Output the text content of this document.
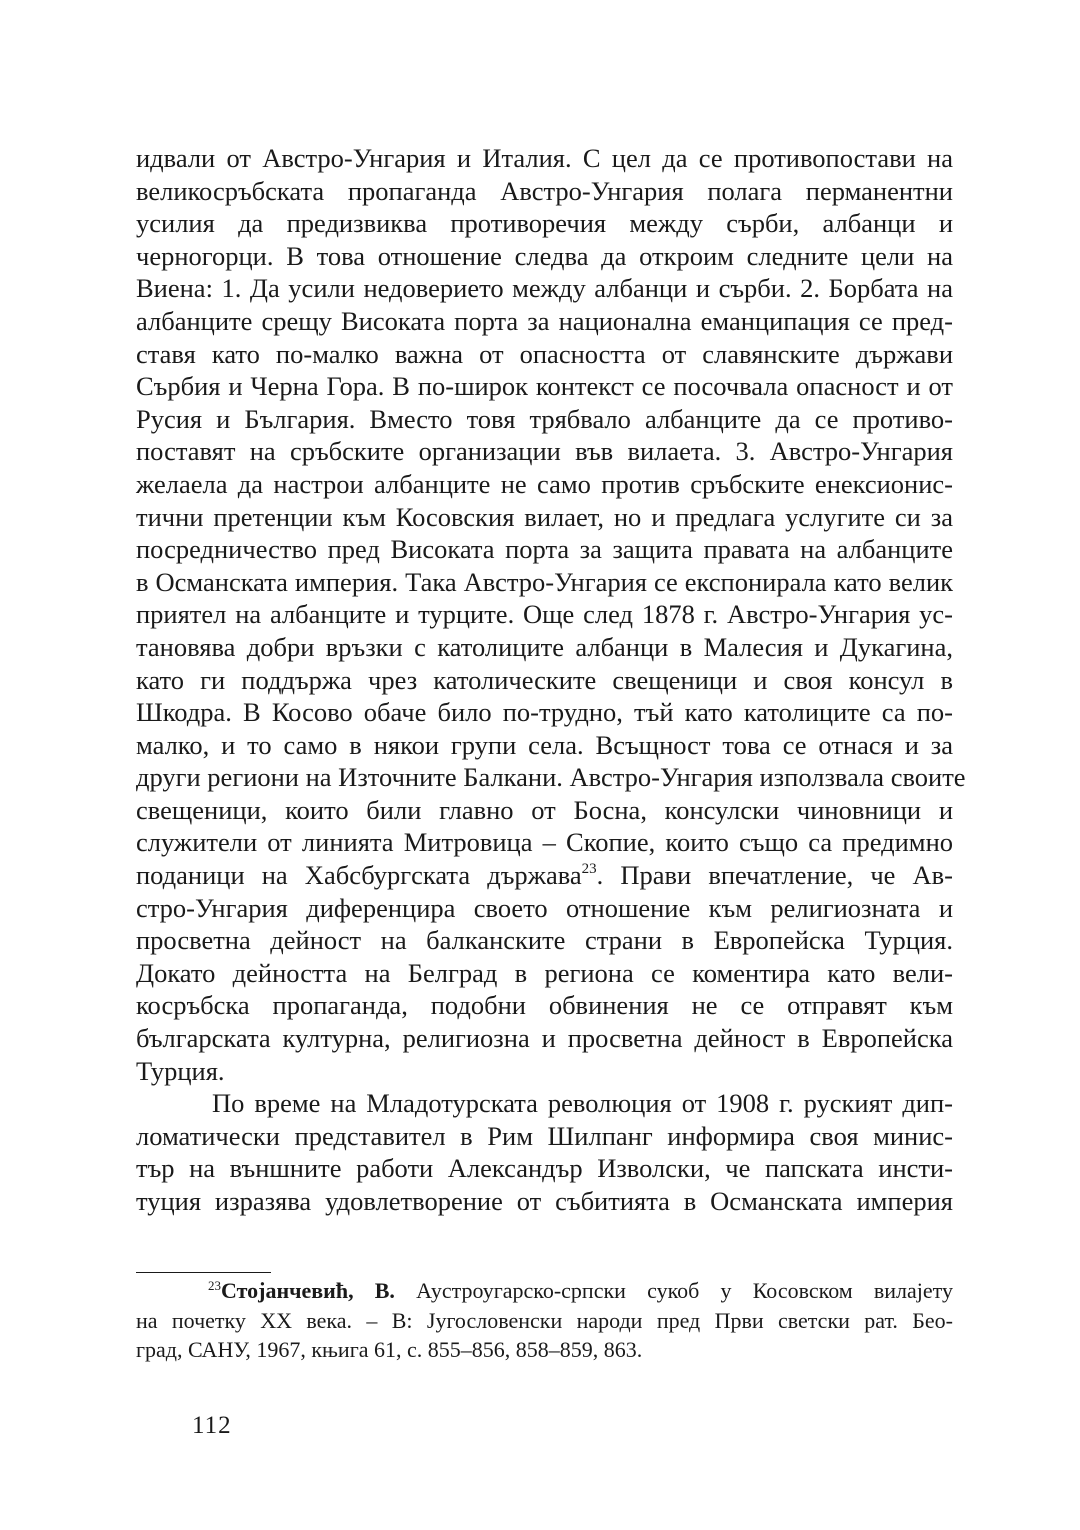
идвали от Австро-Унгария и Италия. С цел да се противопостави на
великосръбската пропаганда Австро-Унгария полага перманентни
усилия да предизвиква противоречия между сърби, албанци и
черногорци. В това отношение следва да откроим следните цели на
Виена: 1. Да усили недоверието между албанци и сърби. 2. Борбата на
албанците срещу Високата порта за национална еманципация се пред-
ставя като по-малко важна от опасността от славянските държави
Сърбия и Черна Гора. В по-широк контекст се посочвала опасност и от
Русия и България. Вместо товя трябвало албанците да се противо-
поставят на сръбските организации във вилаета. 3. Австро-Унгария
желаела да настрои албанците не само против сръбските енексионис-
тични претенции към Косовския вилает, но и предлага услугите си за
посредничество пред Високата порта за защита правата на албанците
в Османската империя. Така Австро-Унгария се експонирала като велик
приятел на албанците и турците. Още след 1878 г. Австро-Унгария ус-
тановява добри връзки с католиците албанци в Малесия и Дукагина,
като ги поддържа чрез католическите свещеници и своя консул в
Шкодра. В Косово обаче било по-трудно, тъй като католиците са по-
малко, и то само в някои групи села. Всъщност това се отнася и за
други региони на Източните Балкани. Австро-Унгария използвала своите
свещеници, които били главно от Босна, консулски чиновници и
служители от линията Митровица – Скопие, които също са предимно
поданици на Хабсбургската държава$^{23}$. Прави впечатление, че Ав-
стро-Унгария диференцира своето отношение към религиозната и
просветна дейност на балканските страни в Европейска Турция.
Докато дейността на Белград в региона се коментира като вели-
косръбска пропаганда, подобни обвинения не се отправят към
българската културна, религиозна и просветна дейност в Европейска
Турция.

По време на Младотурската революция от 1908 г. руският дип-
ломатически представител в Рим Шилпанг информира своя минис-
тър на външните работи Александър Изволски, че папската инсти-
туция изразява удовлетворение от събитията в Османската империя

$^{23}$Стојанчевић, В. Аустроугарско-српски сукоб у Косовском вилајету
на почетку XX века. – В: Југословенски народи пред Први светски рат. Бео-
град, САНУ, 1967, књига 61, с. 855–856, 858–859, 863.
112
